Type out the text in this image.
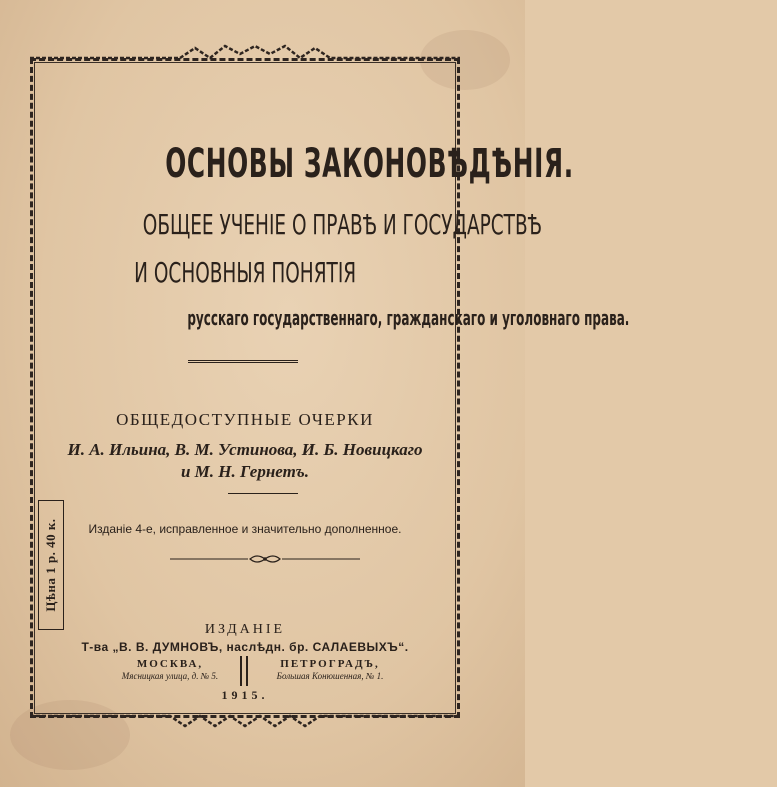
ОСНОВЫ ЗАКОНОВѢДѢНІЯ.
ОБЩЕЕ УЧЕНІЕ О ПРАВѢ И ГОСУДАРСТВѢ
И ОСНОВНЫЯ ПОНЯТІЯ
русскаго государственнаго, гражданскаго и уголовнаго права.
ОБЩЕДОСТУПНЫЕ ОЧЕРКИ
И. А. Ильина, В. М. Устинова, И. Б. Новицкаго
и М. Н. Гернетъ.
Изданіе 4-е, исправленное и значительно дополненное.
Цѣна 1 р. 40 к.
ИЗДАНІЕ
Т-ва „В. В. ДУМНОВЪ, наслѣдн. бр. САЛАЕВЫХЪ“.
МОСКВА,
Мясницкая улица, д. № 5.
ПЕТРОГРАДЪ,
Большая Конюшенная, № 1.
1915.
